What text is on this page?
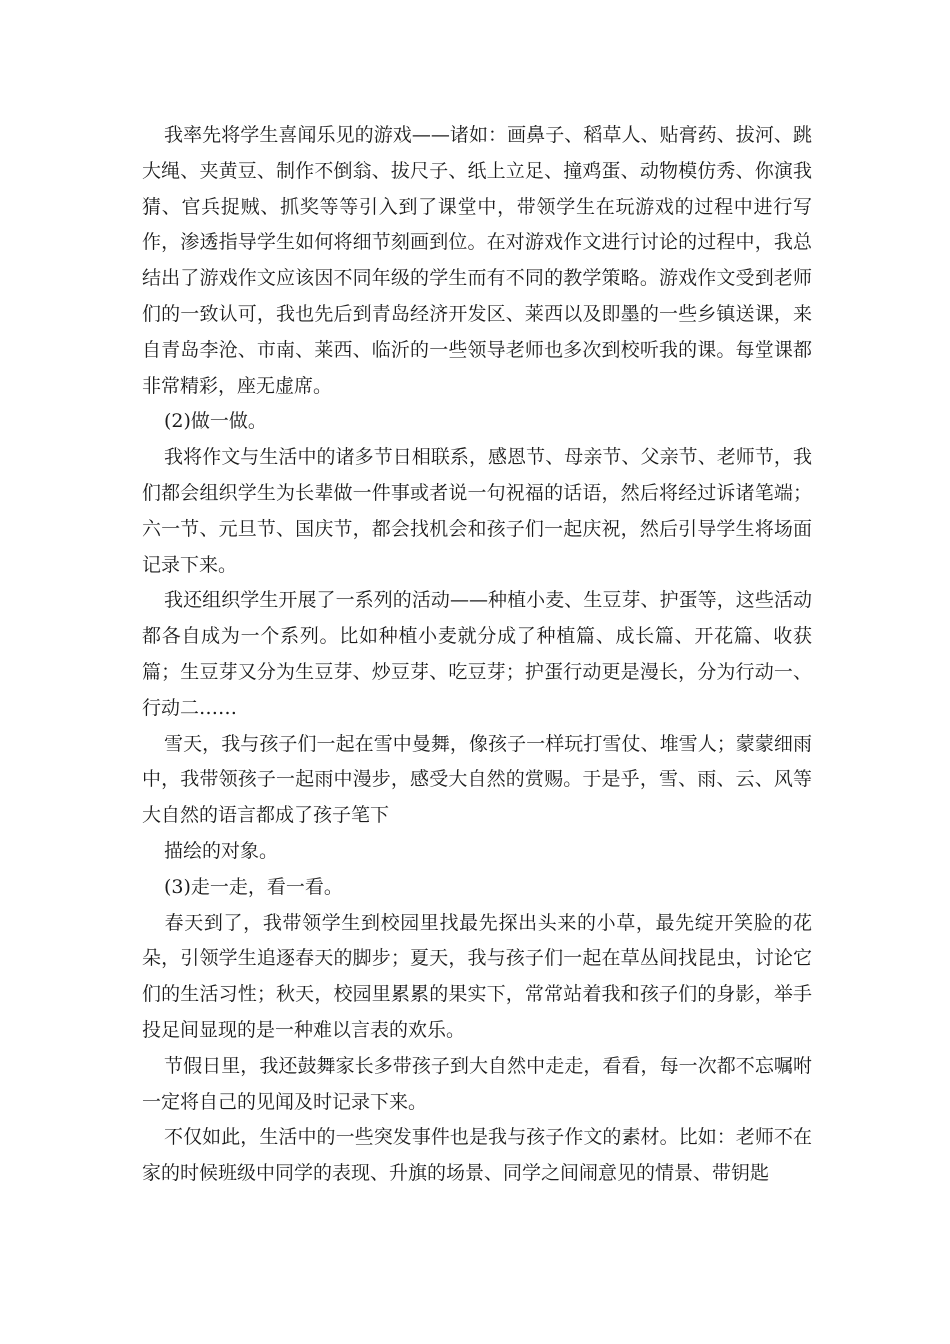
我率先将学生喜闻乐见的游戏——诸如：画鼻子、稻草人、贴膏药、拔河、跳大绳、夹黄豆、制作不倒翁、拔尺子、纸上立足、撞鸡蛋、动物模仿秀、你演我猜、官兵捉贼、抓奖等等引入到了课堂中，带领学生在玩游戏的过程中进行写作，渗透指导学生如何将细节刻画到位。在对游戏作文进行讨论的过程中，我总结出了游戏作文应该因不同年级的学生而有不同的教学策略。游戏作文受到老师们的一致认可，我也先后到青岛经济开发区、莱西以及即墨的一些乡镇送课，来自青岛李沧、市南、莱西、临沂的一些领导老师也多次到校听我的课。每堂课都非常精彩，座无虚席。

(2)做一做。

我将作文与生活中的诸多节日相联系，感恩节、母亲节、父亲节、老师节，我们都会组织学生为长辈做一件事或者说一句祝福的话语，然后将经过诉诸笔端；六一节、元旦节、国庆节，都会找机会和孩子们一起庆祝，然后引导学生将场面记录下来。

我还组织学生开展了一系列的活动——种植小麦、生豆芽、护蛋等，这些活动都各自成为一个系列。比如种植小麦就分成了种植篇、成长篇、开花篇、收获篇；生豆芽又分为生豆芽、炒豆芽、吃豆芽；护蛋行动更是漫长，分为行动一、行动二……

雪天，我与孩子们一起在雪中曼舞，像孩子一样玩打雪仗、堆雪人；蒙蒙细雨中，我带领孩子一起雨中漫步，感受大自然的赏赐。于是乎，雪、雨、云、风等大自然的语言都成了孩子笔下

描绘的对象。

(3)走一走，看一看。

春天到了，我带领学生到校园里找最先探出头来的小草，最先绽开笑脸的花朵，引领学生追逐春天的脚步；夏天，我与孩子们一起在草丛间找昆虫，讨论它们的生活习性；秋天，校园里累累的果实下，常常站着我和孩子们的身影，举手投足间显现的是一种难以言表的欢乐。

节假日里，我还鼓舞家长多带孩子到大自然中走走，看看，每一次都不忘嘱咐一定将自己的见闻及时记录下来。

不仅如此，生活中的一些突发事件也是我与孩子作文的素材。比如：老师不在家的时候班级中同学的表现、升旗的场景、同学之间闹意见的情景、带钥匙
